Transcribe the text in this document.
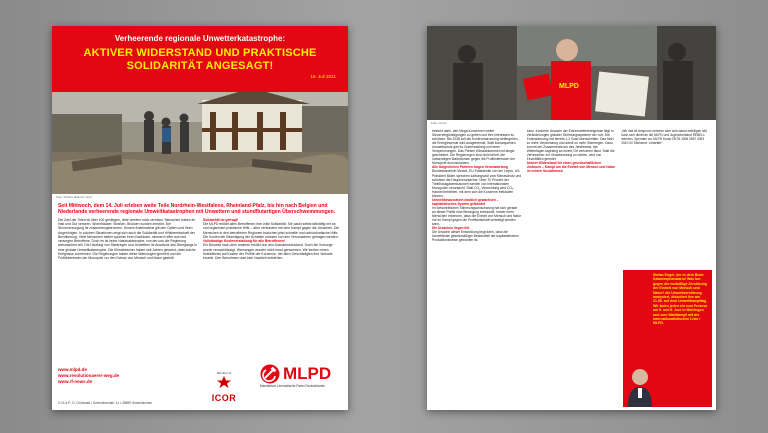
Verheerende regionale Unwetterkatastrophe:
AKTIVER WIDERSTAND UND PRAKTISCHE
SOLIDARITÄT ANGESAGT!
16. Juli 2021
Foto: Picture alliance / dpa
Seit Mittwoch, dem 14. Juli erleben weite Teile Nordrhein-Westfalens, Rheinland-Pfalz, bis hin nach Belgien und Niederlande verheerende regionale Umweltkatastrophen mit Unwettern und stundflutartigen Überschwemmungen.
Die Zahl der Toten ist über 100 gestiegen, viele werden noch vermisst. Menschen haben ihr Hab und Gut verloren. Wohnhäuser, Straßen, Brücken wurden zerstört. Die Stromversorgung ist zusammengebrochen. Unsere Anteilnahme gilt den Opfern und ihren Angehörigen. In solchen Situationen zeigt sich auch die Solidarität und Hilfsbereitschaft der Bevölkerung. Viele Menschen helfen spontan ihren Nachbarn, räumen Keller aus und versorgen Betroffene. Doch es ist keine Naturkatastrophe, von der uns die Regierung weismachen will. Die Häufung von Starkregen und Unwettern ist Ausdruck des Übergangs in eine globale Umweltkatastrophe. Die Klimaforscher haben seit Jahren gewarnt, dass solche Ereignisse zunehmen. Die Regierungen haben diese Warnungen ignoriert und die Profitinteressen der Monopole vor den Schutz von Mensch und Natur gestellt.
Solidarität ist gefragt!
Die MLPD erklärt allen Betroffenen ihre volle Solidarität. Sie packt selbst tatkräftig mit an und organisiert praktische Hilfe – aber verbunden mit dem Kampf gegen die Ursachen. Die Menschen in den betroffenen Regionen brauchen jetzt schnelle und unbürokratische Hilfe. Die Kosten der Beseitigung der Schäden müssen von den Verursachern getragen werden.
Vollständige Kostenerstattung für alle Betroffenen!
Ein Bündnis nach dem anderen erklärt nun den Ausnahmezustand. Doch die Vorsorge wurde vernachlässigt, Warnungen wurden nicht ernst genommen. Wir fordern einen Notfallfonds auf Kosten der Profite der Konzerne, der allen Geschädigten ihre Verluste ersetzt. Den Bewohnern darf kein Nachteil entstehen.
www.mlpd.de
www.revolutionaerer-weg.de
www.rf-news.de
V.i.S.d.P.: D. Grünwald • Schmalhorststr. 1c • 45899 Gelsenkirchen
Member of
ICOR
MLPD
Marxistisch-Leninistische Partei Deutschlands
MLPD
Foto: rf-foto
besteht darin, den Mega-Konzernen weiter Steuervergünstigungen zu geben und ihre Interessen zu schützen. Bis 2038 soll die Kohleverstromung weitergehen, die Energiewende wird ausgebremst. Statt konsequenten Umweltschutz gibt es Greenwashing und leere Versprechungen. Das Pariser Klimaabkommen ist längst gescheitert. Die Regierungen sind nicht bereit, die notwendigen Maßnahmen gegen die Profitinteressen der Monopole durchzusetzen.
Alle bürgerlichen Parteien tragen Verantwortung
Bundeskanzlerin Merkel, EU-Präsidentin von der Leyen, US-Präsident Biden sprechen salbungsvoll vom Klimaschutz und schützen die Hauptverursacher. Über 70 Prozent der Treibhausgasemissionen werden von internationalen Monopolen verursacht. Statt CO₂-Vermeidung wird CO₂-Handel betrieben, mit dem sich die Konzerne freikaufen können.
Umweltbewusstsein deutlich gewachsen – kapitalistisches System gefährdet
Im fortschrittlichen Stimmungsumschwung hat sich gerade an dieser Politik eine Bewegung entwickelt. Immer mehr Menschen erkennen, dass die Einheit von Mensch und Natur nur im Kampf gegen die Profitwirtschaft verteidigt werden kann.
Die Ursachen liegen tief
Die Ursache dieser Entwicklung liegt darin, dass die Umweltkrise gesetzmäßiger Bestandteil der kapitalistischen Produktionsweise geworden ist.
kann. Konkrete Ursache der Extremwetterereignisse liegt in Veränderungen globaler Strömungssysteme der Luft. Die Erderwärmung hat bereits 1,2 Grad überschritten. Das führt zu mehr Verdunstung und damit zu mehr Starkregen. Dazu kommt der Zusammenbruch des Jetstreams, der Wetterlagen tagelang an einem Ort verharren lässt. Statt die Verursacher zur Verantwortung zu ziehen, wird von Einzelfällen geredet.
Aktiver Widerstand für einen gesellschaftlichen Umbruch – Kampf um die Einheit von Mensch und Natur im echten Sozialismus!
„Wir das ist Anspruch nehmen oder sich daran beteiligen will, kann sich direkt an die MLPD und Jugendverband REBELL wenden. Spenden an: MLPD Konto DE76 4306 0967 4053 2510 00 Stichwort: Unwetter“
Stefan Engel, der in dem Buch Katastrophenalarm! Was tun gegen die mutwillige Zerstörung der Einheit von Mensch und Natur? die Umweltzerstörung analysiert, diskutiert live am 21.08. auf dem Umweltkampftag. Wir laden jeden ein zum Prozess am 5. und 6. Juni in Meiningen und zum Wahlkampf mit der Internationalistischen Liste / MLPD.
